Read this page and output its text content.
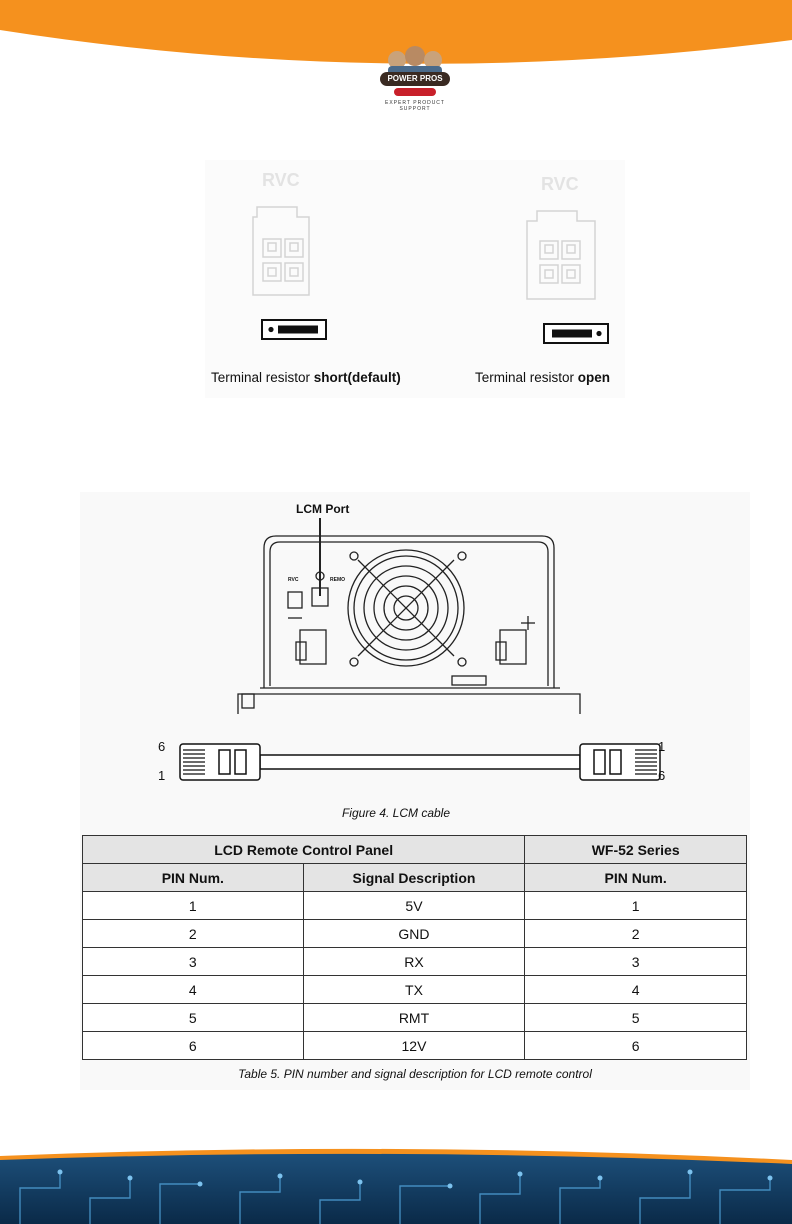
POWER PROS
EXPERT PRODUCT SUPPORT
RVC	RVC
Terminal resistor short(default)	Terminal resistor open
LCM Port
RVC	REMO
6
1
1
6
Figure 4. LCM cable
LCD Remote Control Panel		WF-52 Series
PIN Num.	Signal Description	PIN Num.
1	5V	1
2	GND	2
3	RX	3
4	TX	4
5	RMT	5
6	12V	6
Table 5. PIN number and signal description for LCD remote control
